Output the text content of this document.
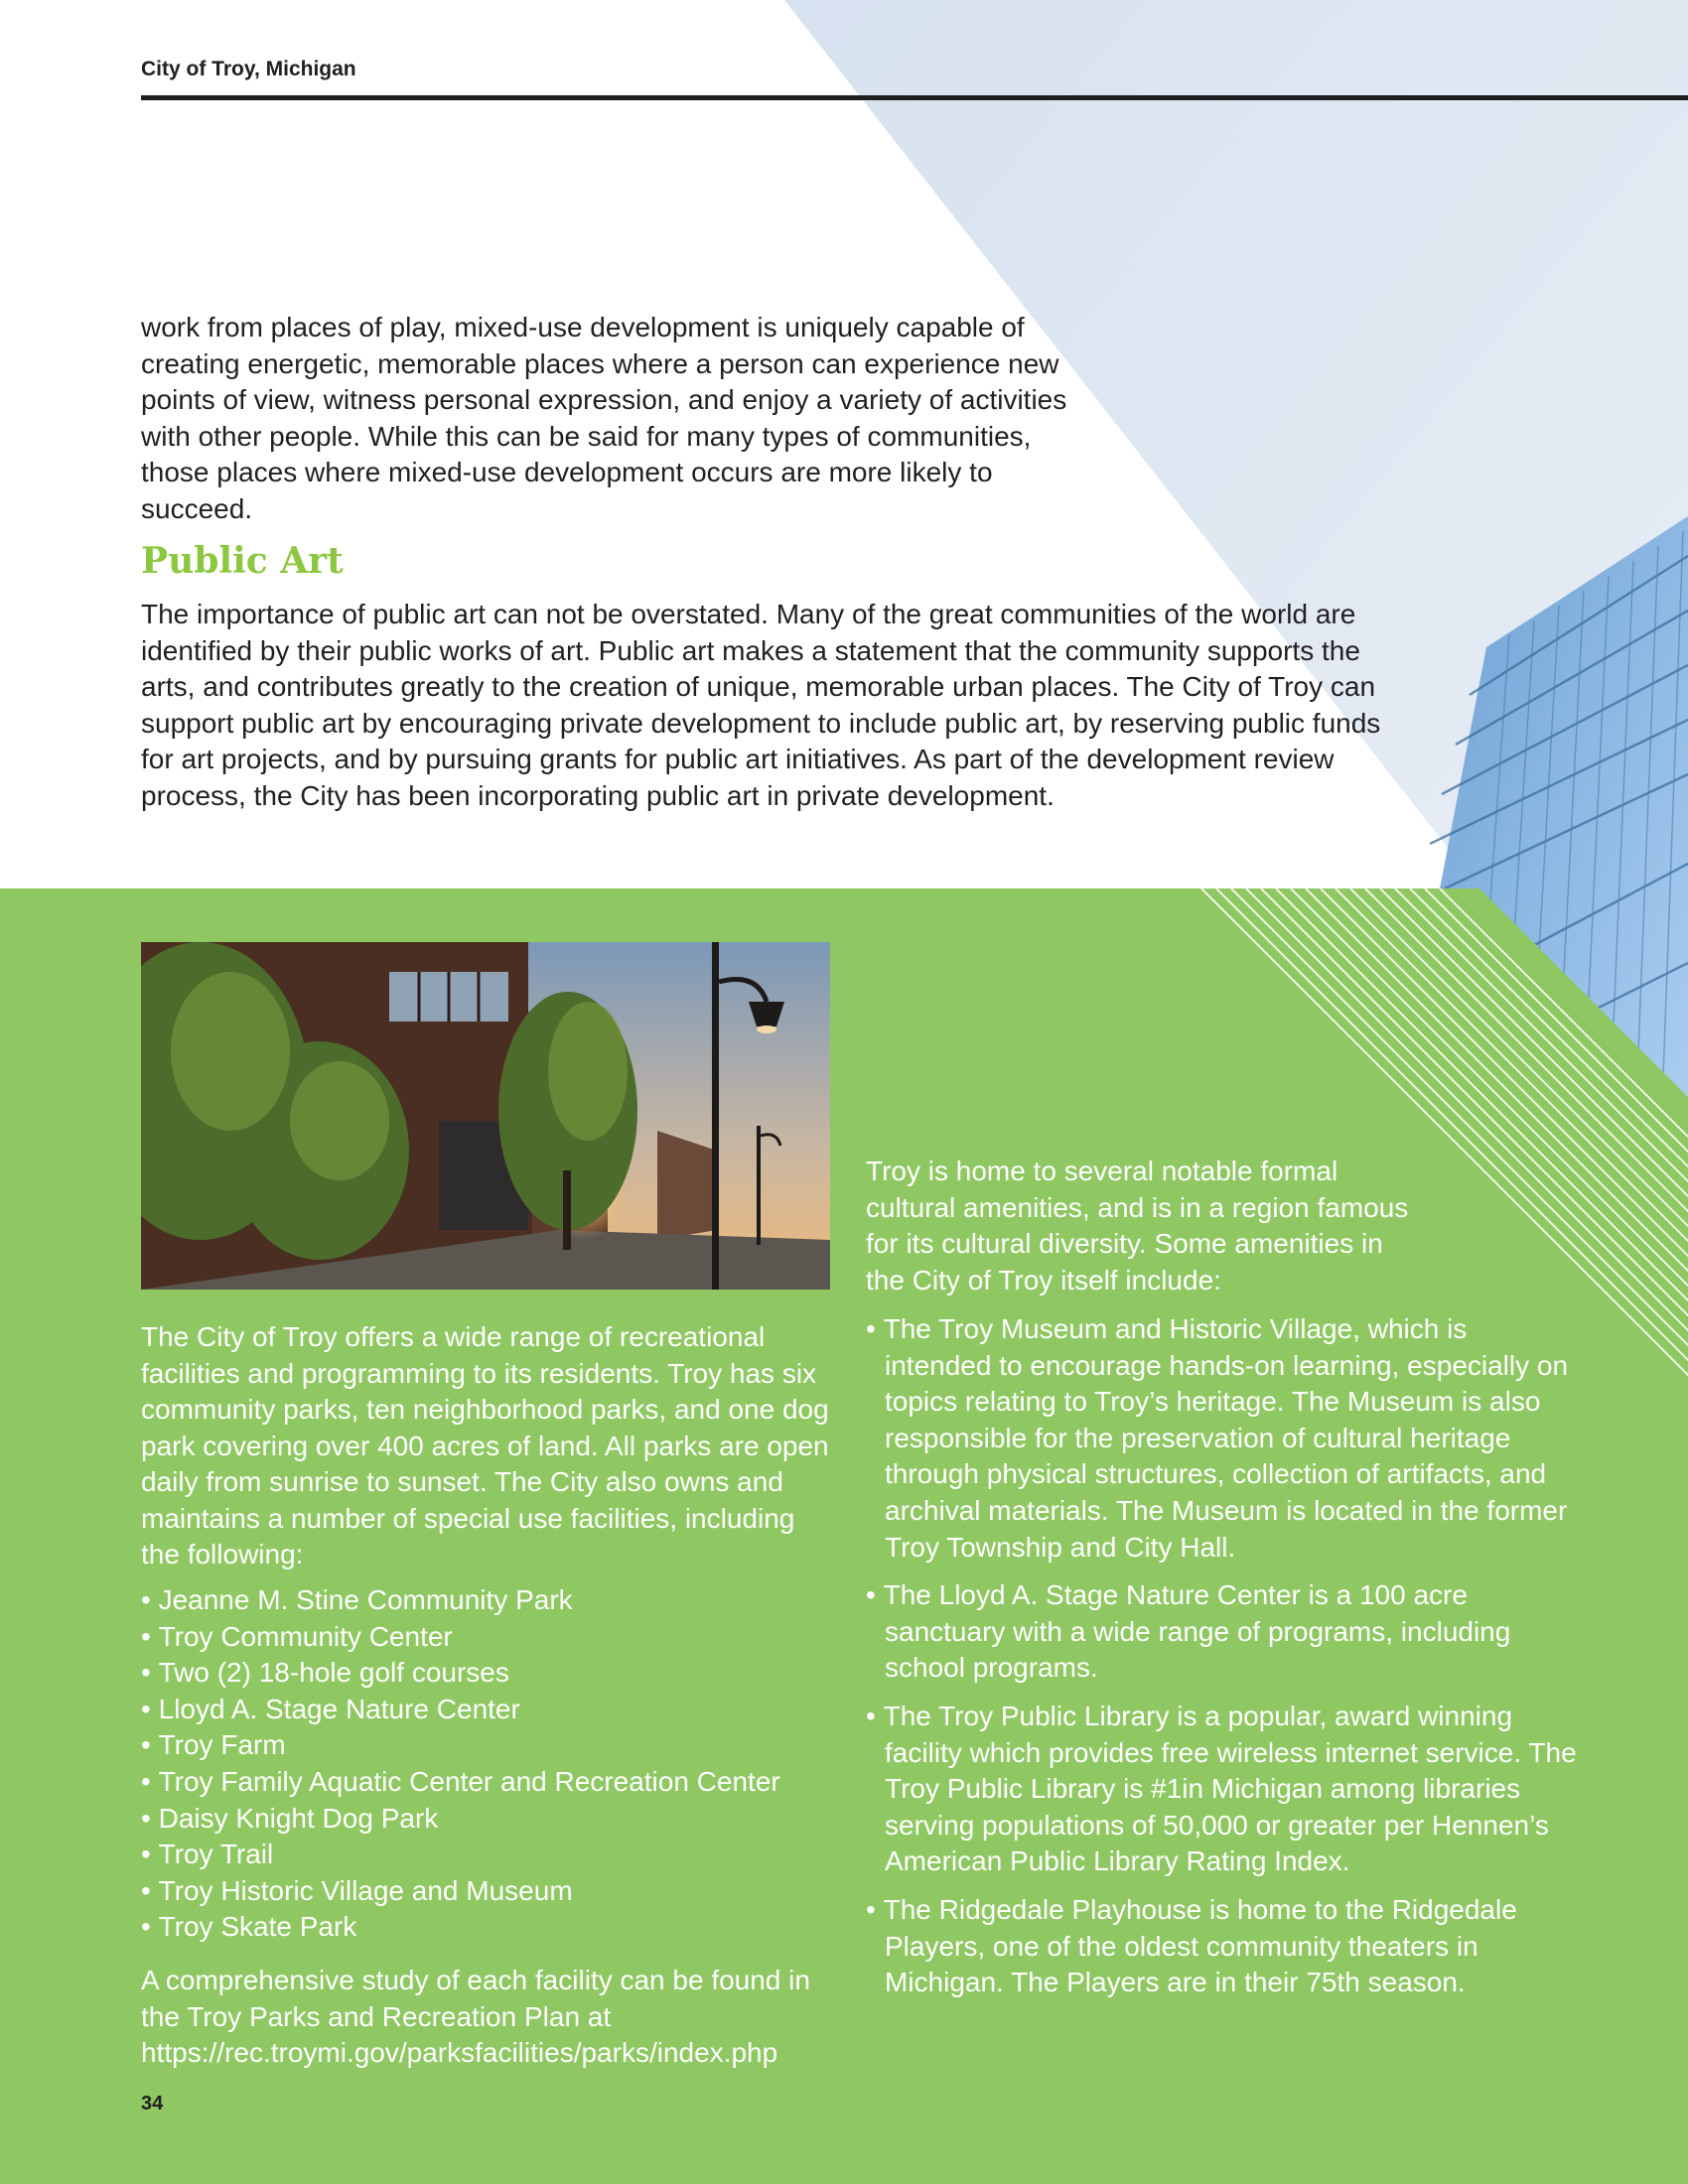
City of Troy, Michigan

work from places of play, mixed-use development is uniquely capable of creating energetic, memorable places where a person can experience new points of view, witness personal expression, and enjoy a variety of activities with other people. While this can be said for many types of communities, those places where mixed-use development occurs are more likely to succeed.

Public Art

The importance of public art can not be overstated. Many of the great communities of the world are identified by their public works of art. Public art makes a statement that the community supports the arts, and contributes greatly to the creation of unique, memorable urban places. The City of Troy can support public art by encouraging private development to include public art, by reserving public funds for art projects, and by pursuing grants for public art initiatives. As part of the development review process, the City has been incorporating public art in private development.

The City of Troy offers a wide range of recreational facilities and programming to its residents. Troy has six community parks, ten neighborhood parks, and one dog park covering over 400 acres of land. All parks are open daily from sunrise to sunset. The City also owns and maintains a number of special use facilities, including the following:

• Jeanne M. Stine Community Park
• Troy Community Center
• Two (2) 18-hole golf courses
• Lloyd A. Stage Nature Center
• Troy Farm
• Troy Family Aquatic Center and Recreation Center
• Daisy Knight Dog Park
• Troy Trail
• Troy Historic Village and Museum
• Troy Skate Park

A comprehensive study of each facility can be found in the Troy Parks and Recreation Plan at https://rec.troymi.gov/parksfacilities/parks/index.php

Troy is home to several notable formal cultural amenities, and is in a region famous for its cultural diversity. Some amenities in the City of Troy itself include:

• The Troy Museum and Historic Village, which is intended to encourage hands-on learning, especially on topics relating to Troy’s heritage. The Museum is also responsible for the preservation of cultural heritage through physical structures, collection of artifacts, and archival materials. The Museum is located in the former Troy Township and City Hall.
• The Lloyd A. Stage Nature Center is a 100 acre sanctuary with a wide range of programs, including school programs.
• The Troy Public Library is a popular, award winning facility which provides free wireless internet service. The Troy Public Library is #1in Michigan among libraries serving populations of 50,000 or greater per Hennen’s American Public Library Rating Index.
• The Ridgedale Playhouse is home to the Ridgedale Players, one of the oldest community theaters in Michigan. The Players are in their 75th season.
34
